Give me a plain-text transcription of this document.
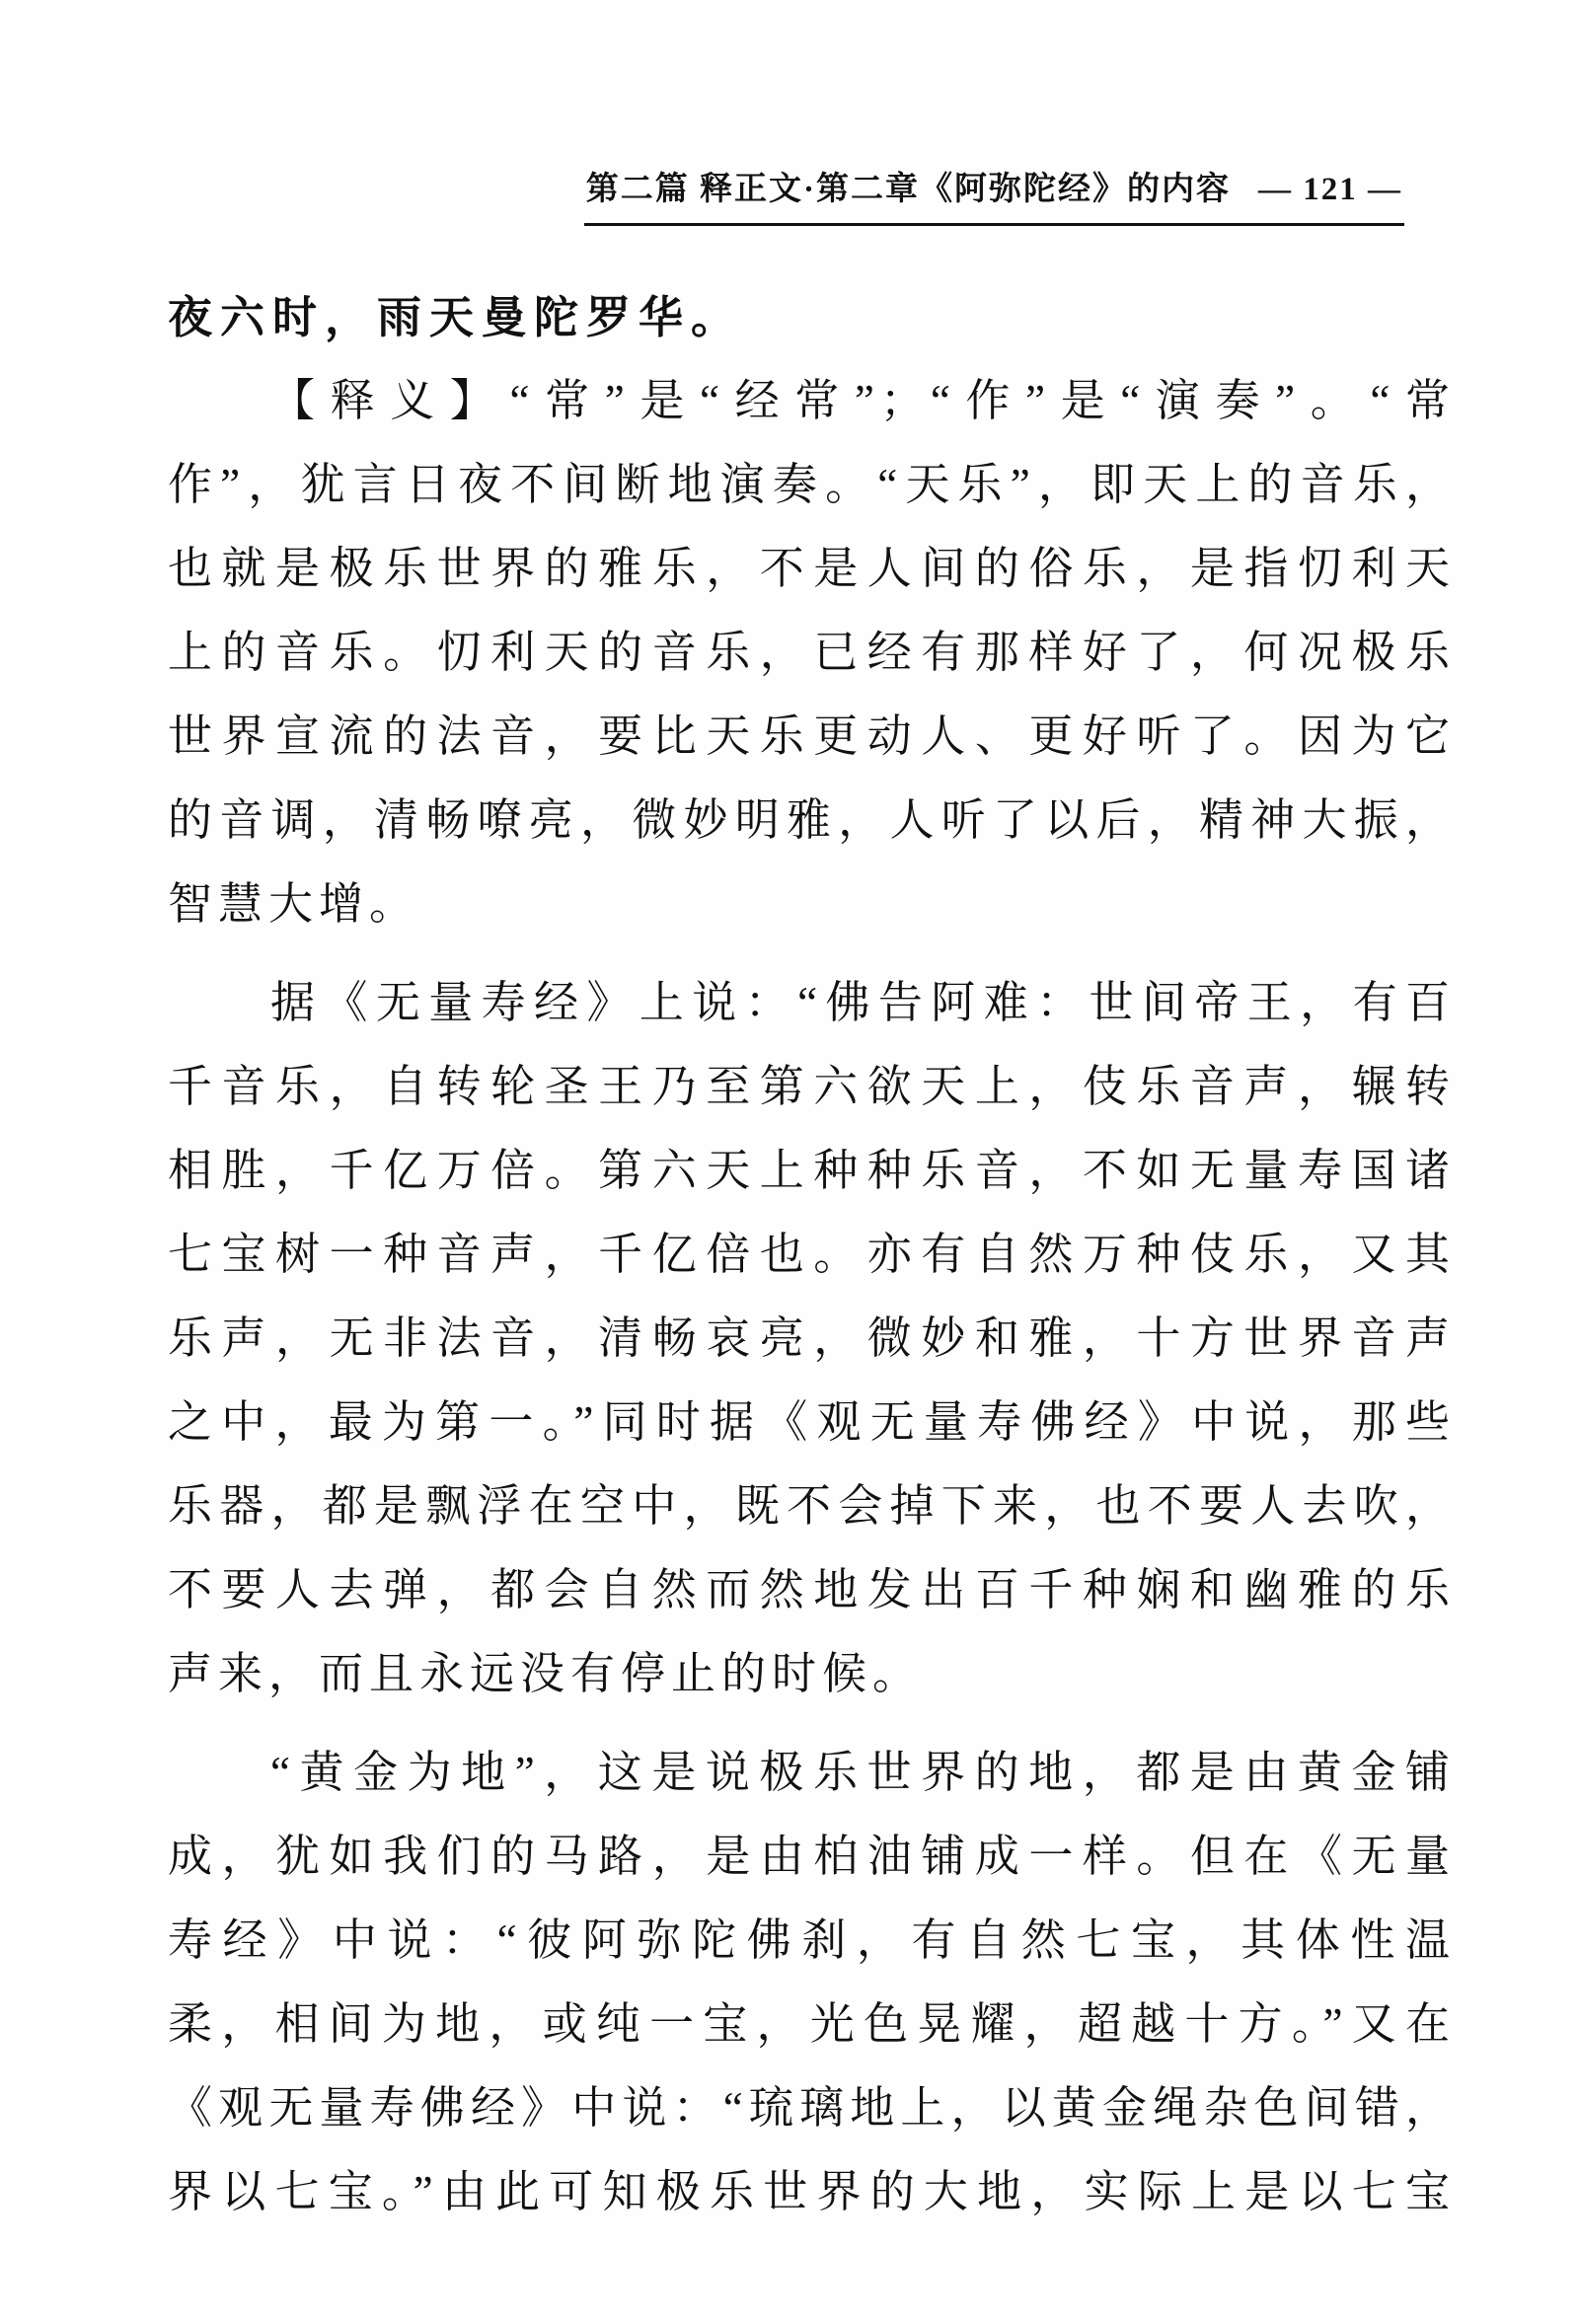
第二篇 释正文·第二章《阿弥陀经》的内容 — 121 —
夜六时，雨天曼陀罗华。
【释义】“常”是“经常”；“作”是“演奏”。“常
作”，犹言日夜不间断地演奏。“天乐”，即天上的音乐，
也就是极乐世界的雅乐，不是人间的俗乐，是指忉利天
上的音乐。忉利天的音乐，已经有那样好了，何况极乐
世界宣流的法音，要比天乐更动人、更好听了。因为它
的音调，清畅嘹亮，微妙明雅，人听了以后，精神大振，
智慧大增。
据《无量寿经》上说：“佛告阿难：世间帝王，有百
千音乐，自转轮圣王乃至第六欲天上，伎乐音声，辗转
相胜，千亿万倍。第六天上种种乐音，不如无量寿国诸
七宝树一种音声，千亿倍也。亦有自然万种伎乐，又其
乐声，无非法音，清畅哀亮，微妙和雅，十方世界音声
之中，最为第一。”同时据《观无量寿佛经》中说，那些
乐器，都是飘浮在空中，既不会掉下来，也不要人去吹，
不要人去弹，都会自然而然地发出百千种娴和幽雅的乐
声来，而且永远没有停止的时候。
“黄金为地”，这是说极乐世界的地，都是由黄金铺
成，犹如我们的马路，是由柏油铺成一样。但在《无量
寿经》中说：“彼阿弥陀佛刹，有自然七宝，其体性温
柔，相间为地，或纯一宝，光色晃耀，超越十方。”又在
《观无量寿佛经》中说：“琉璃地上，以黄金绳杂色间错，
界以七宝。”由此可知极乐世界的大地，实际上是以七宝
